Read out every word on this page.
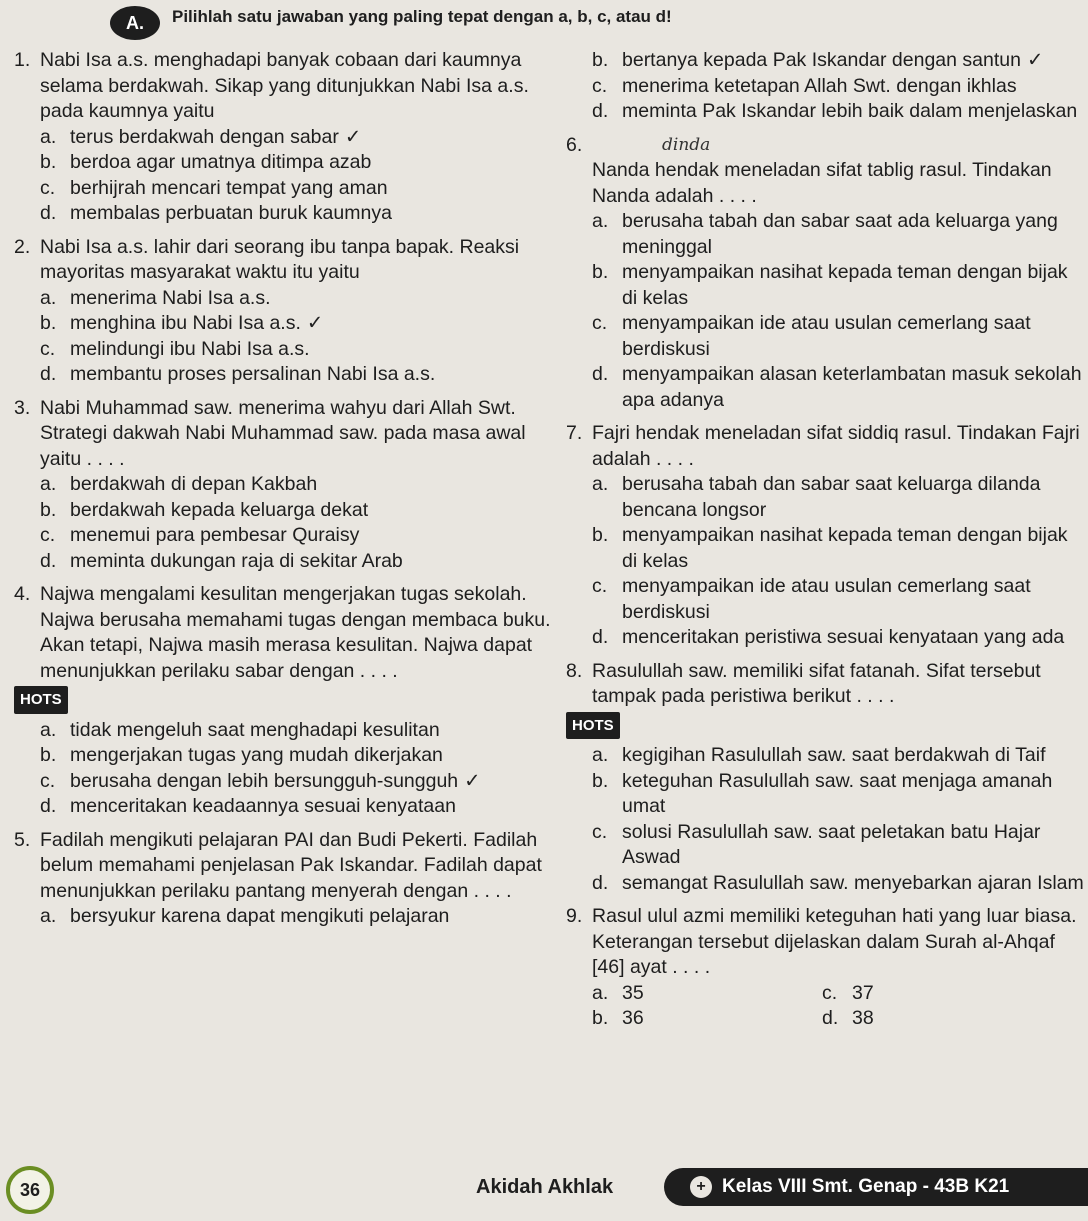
A.	Pilihlah satu jawaban yang paling tepat dengan a, b, c, atau d!
1. Nabi Isa a.s. menghadapi banyak cobaan dari kaumnya selama berdakwah. Sikap yang ditunjukkan Nabi Isa a.s. pada kaumnya yaitu
a. terus berdakwah dengan sabar ✓
b. berdoa agar umatnya ditimpa azab
c. berhijrah mencari tempat yang aman
d. membalas perbuatan buruk kaumnya
2. Nabi Isa a.s. lahir dari seorang ibu tanpa bapak. Reaksi mayoritas masyarakat waktu itu yaitu
a. menerima Nabi Isa a.s.
b. menghina ibu Nabi Isa a.s. ✓
c. melindungi ibu Nabi Isa a.s.
d. membantu proses persalinan Nabi Isa a.s.
3. Nabi Muhammad saw. menerima wahyu dari Allah Swt. Strategi dakwah Nabi Muhammad saw. pada masa awal yaitu . . . .
a. berdakwah di depan Kakbah
b. berdakwah kepada keluarga dekat
c. menemui para pembesar Quraisy
d. meminta dukungan raja di sekitar Arab
4. Najwa mengalami kesulitan mengerjakan tugas sekolah. Najwa berusaha memahami tugas dengan membaca buku. Akan tetapi, Najwa masih merasa kesulitan. Najwa dapat menunjukkan perilaku sabar dengan . . . .
HOTS
a. tidak mengeluh saat menghadapi kesulitan
b. mengerjakan tugas yang mudah dikerjakan
c. berusaha dengan lebih bersungguh-sungguh ✓
d. menceritakan keadaannya sesuai kenyataan
5. Fadilah mengikuti pelajaran PAI dan Budi Pekerti. Fadilah belum memahami penjelasan Pak Iskandar. Fadilah dapat menunjukkan perilaku pantang menyerah dengan . . . .
a. bersyukur karena dapat mengikuti pelajaran
b. bertanya kepada Pak Iskandar dengan santun ✓
c. menerima ketetapan Allah Swt. dengan ikhlas
d. meminta Pak Iskandar lebih baik dalam menjelaskan
6.	dinda
Nanda hendak meneladan sifat tablig rasul. Tindakan Nanda adalah . . . .
a. berusaha tabah dan sabar saat ada keluarga yang meninggal
b. menyampaikan nasihat kepada teman dengan bijak di kelas
c. menyampaikan ide atau usulan cemerlang saat berdiskusi
d. menyampaikan alasan keterlambatan masuk sekolah apa adanya
7. Fajri hendak meneladan sifat siddiq rasul. Tindakan Fajri adalah . . . .
a. berusaha tabah dan sabar saat keluarga dilanda bencana longsor
b. menyampaikan nasihat kepada teman dengan bijak di kelas
c. menyampaikan ide atau usulan cemerlang saat berdiskusi
d. menceritakan peristiwa sesuai kenyataan yang ada
8. Rasulullah saw. memiliki sifat fatanah. Sifat tersebut tampak pada peristiwa berikut . . . .
HOTS
a. kegigihan Rasulullah saw. saat berdakwah di Taif
b. keteguhan Rasulullah saw. saat menjaga amanah umat
c. solusi Rasulullah saw. saat peletakan batu Hajar Aswad
d. semangat Rasulullah saw. menyebarkan ajaran Islam
9. Rasul ulul azmi memiliki keteguhan hati yang luar biasa. Keterangan tersebut dijelaskan dalam Surah al-Ahqaf [46] ayat . . . .
a. 35	c. 37
b. 36	d. 38
36	Akidah Akhlak	Kelas VIII Smt. Genap - 43B K21
+
